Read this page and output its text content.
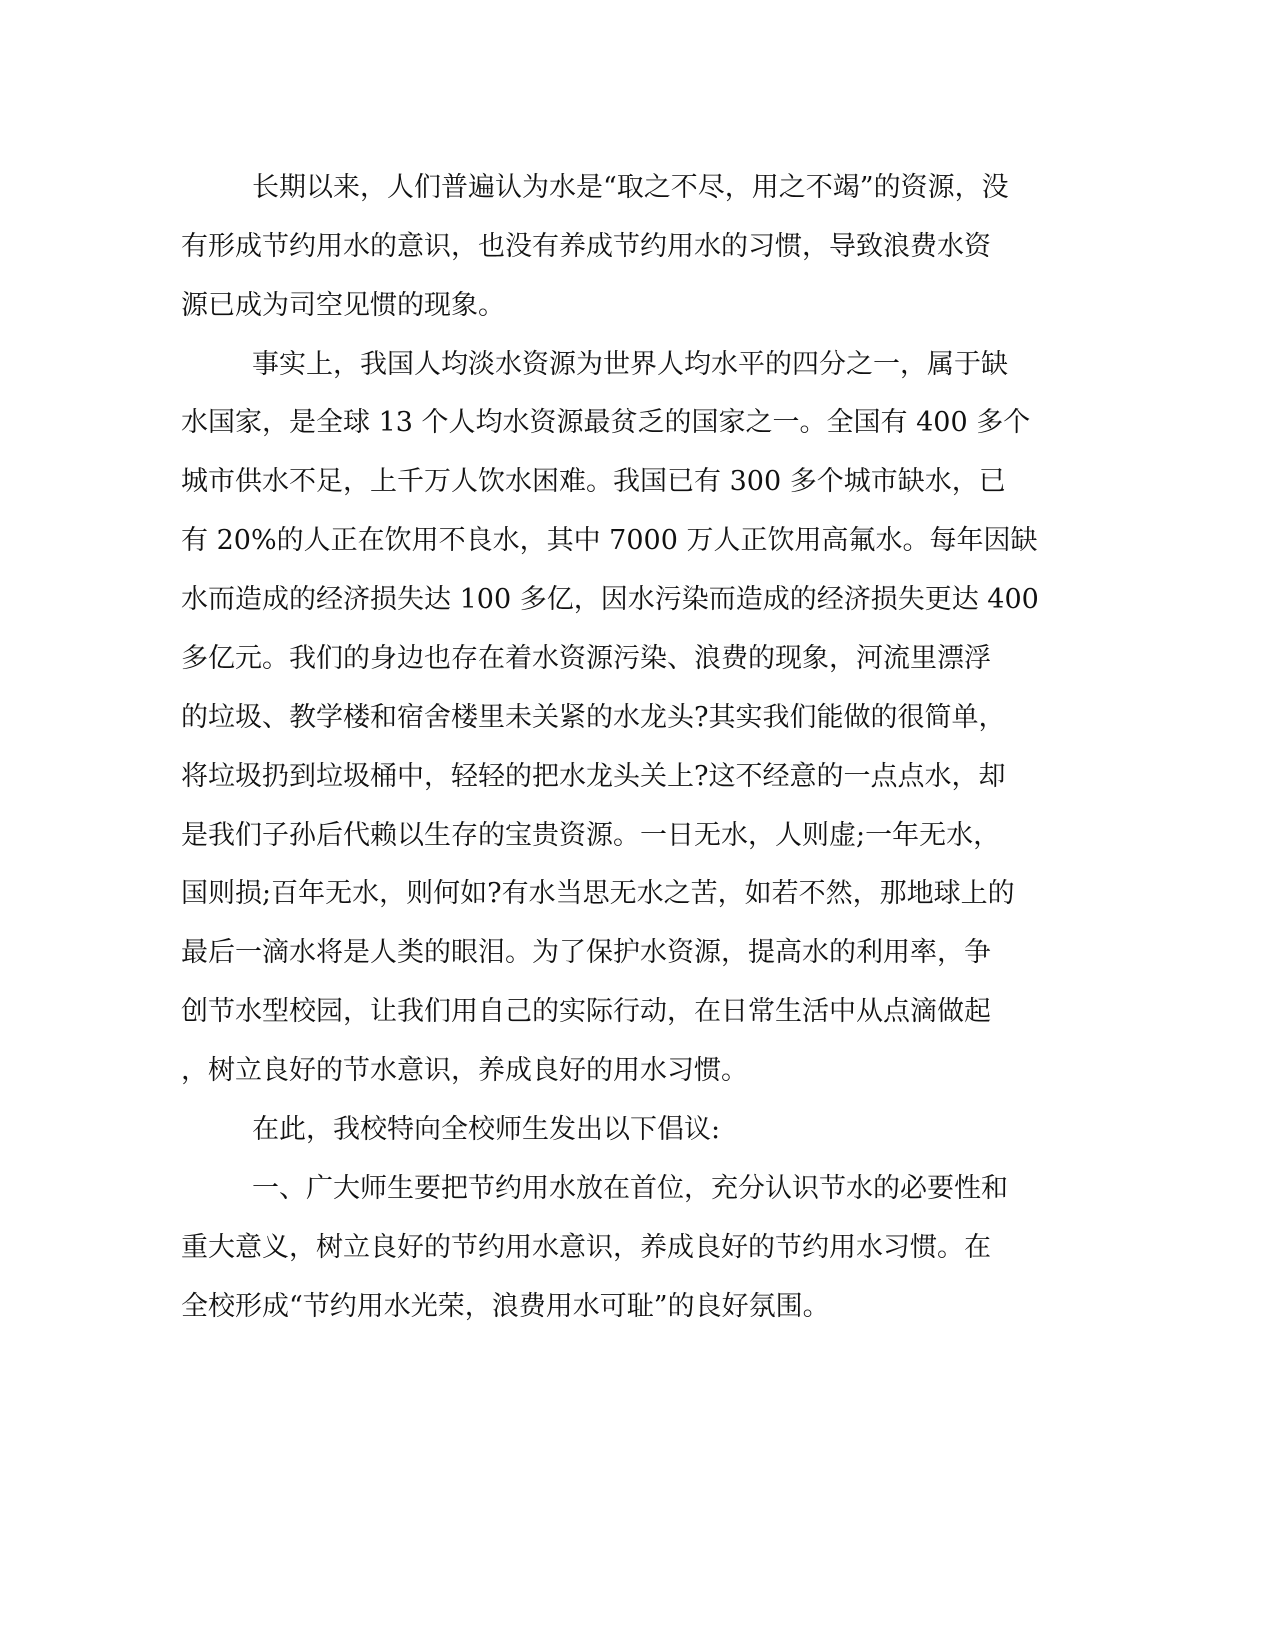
长期以来，人们普遍认为水是“取之不尽，用之不竭”的资源，没
有形成节约用水的意识，也没有养成节约用水的习惯，导致浪费水资
源已成为司空见惯的现象。
事实上，我国人均淡水资源为世界人均水平的四分之一，属于缺
水国家，是全球 13 个人均水资源最贫乏的国家之一。全国有 400 多个
城市供水不足，上千万人饮水困难。我国已有 300 多个城市缺水，已
有 20%的人正在饮用不良水，其中 7000 万人正饮用高氟水。每年因缺
水而造成的经济损失达 100 多亿，因水污染而造成的经济损失更达 400
多亿元。我们的身边也存在着水资源污染、浪费的现象，河流里漂浮
的垃圾、教学楼和宿舍楼里未关紧的水龙头?其实我们能做的很简单，
将垃圾扔到垃圾桶中，轻轻的把水龙头关上?这不经意的一点点水，却
是我们子孙后代赖以生存的宝贵资源。一日无水，人则虚;一年无水，
国则损;百年无水，则何如?有水当思无水之苦，如若不然，那地球上的
最后一滴水将是人类的眼泪。为了保护水资源，提高水的利用率，争
创节水型校园，让我们用自己的实际行动，在日常生活中从点滴做起
，树立良好的节水意识，养成良好的用水习惯。
在此，我校特向全校师生发出以下倡议:
一、广大师生要把节约用水放在首位，充分认识节水的必要性和
重大意义，树立良好的节约用水意识，养成良好的节约用水习惯。在
全校形成“节约用水光荣，浪费用水可耻”的良好氛围。
